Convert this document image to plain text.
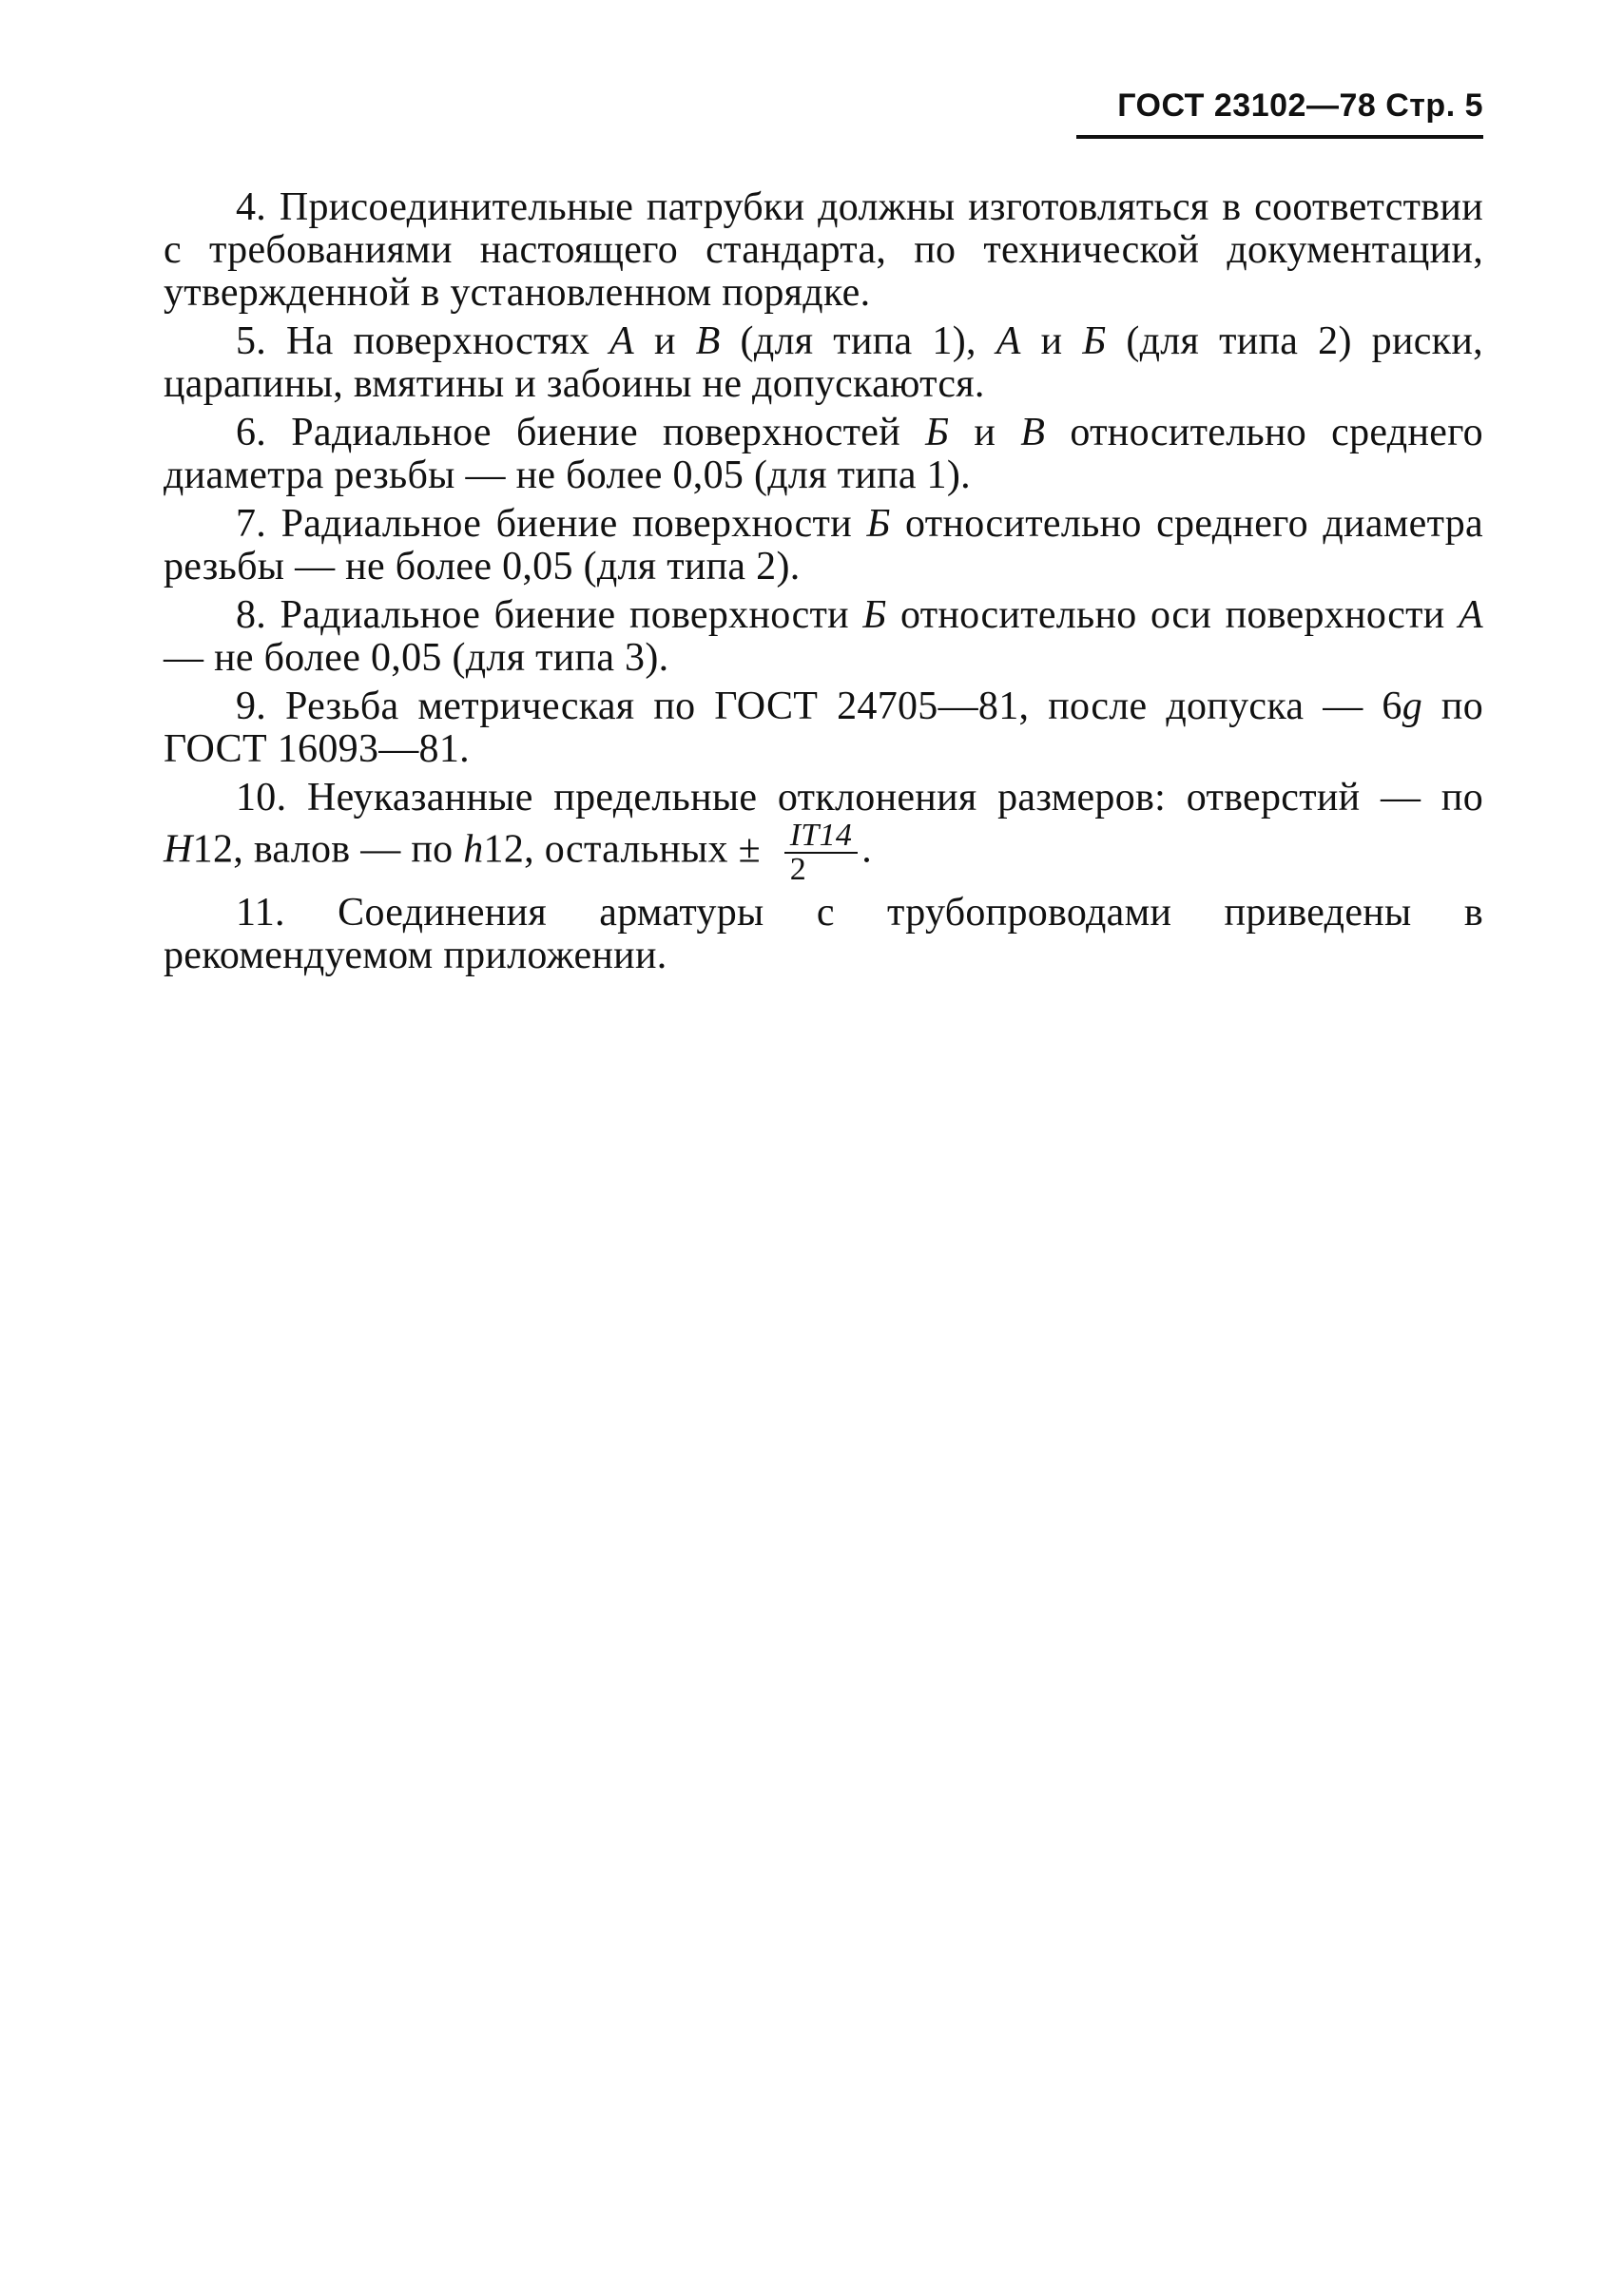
ГОСТ 23102—78 Стр. 5

4. Присоединительные патрубки должны изготовляться в соответствии с требованиями настоящего стандарта, по технической документации, утвержденной в установленном порядке.

5. На поверхностях А и В (для типа 1), А и Б (для типа 2) риски, царапины, вмятины и забоины не допускаются.

6. Радиальное биение поверхностей Б и В относительно среднего диаметра резьбы — не более 0,05 (для типа 1).

7. Радиальное биение поверхности Б относительно среднего диаметра резьбы — не более 0,05 (для типа 2).

8. Радиальное биение поверхности Б относительно оси поверхности А — не более 0,05 (для типа 3).

9. Резьба метрическая по ГОСТ 24705—81, после допуска — 6g по ГОСТ 16093—81.

10. Неуказанные предельные отклонения размеров: отверстий — по H12, валов — по h12, остальных ± $\frac{IT14}{2}$ .

11. Соединения арматуры с трубопроводами приведены в рекомендуемом приложении.
